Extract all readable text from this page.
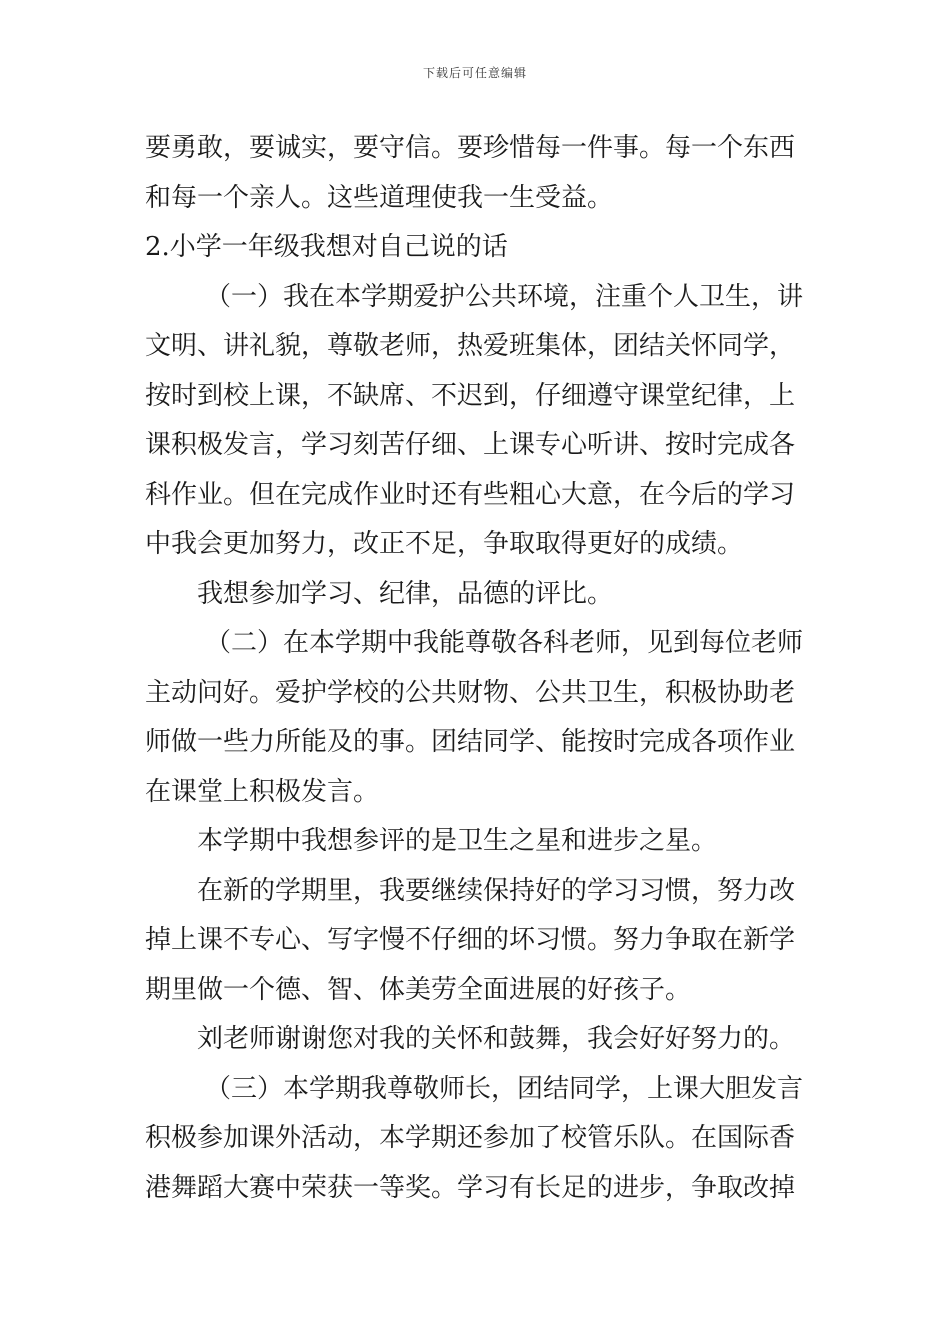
下载后可任意编辑
要勇敢，要诚实，要守信。要珍惜每一件事。每一个东西
和每一个亲人。这些道理使我一生受益。
2.小学一年级我想对自己说的话
（一）我在本学期爱护公共环境，注重个人卫生，讲
文明、讲礼貌，尊敬老师，热爱班集体，团结关怀同学，
按时到校上课，不缺席、不迟到，仔细遵守课堂纪律，上
课积极发言，学习刻苦仔细、上课专心听讲、按时完成各
科作业。但在完成作业时还有些粗心大意，在今后的学习
中我会更加努力，改正不足，争取取得更好的成绩。
我想参加学习、纪律，品德的评比。
（二）在本学期中我能尊敬各科老师，见到每位老师
主动问好。爱护学校的公共财物、公共卫生，积极协助老
师做一些力所能及的事。团结同学、能按时完成各项作业
在课堂上积极发言。
本学期中我想参评的是卫生之星和进步之星。
在新的学期里，我要继续保持好的学习习惯，努力改
掉上课不专心、写字慢不仔细的坏习惯。努力争取在新学
期里做一个德、智、体美劳全面进展的好孩子。
刘老师谢谢您对我的关怀和鼓舞，我会好好努力的。
（三）本学期我尊敬师长，团结同学，上课大胆发言
积极参加课外活动，本学期还参加了校管乐队。在国际香
港舞蹈大赛中荣获一等奖。学习有长足的进步，争取改掉
